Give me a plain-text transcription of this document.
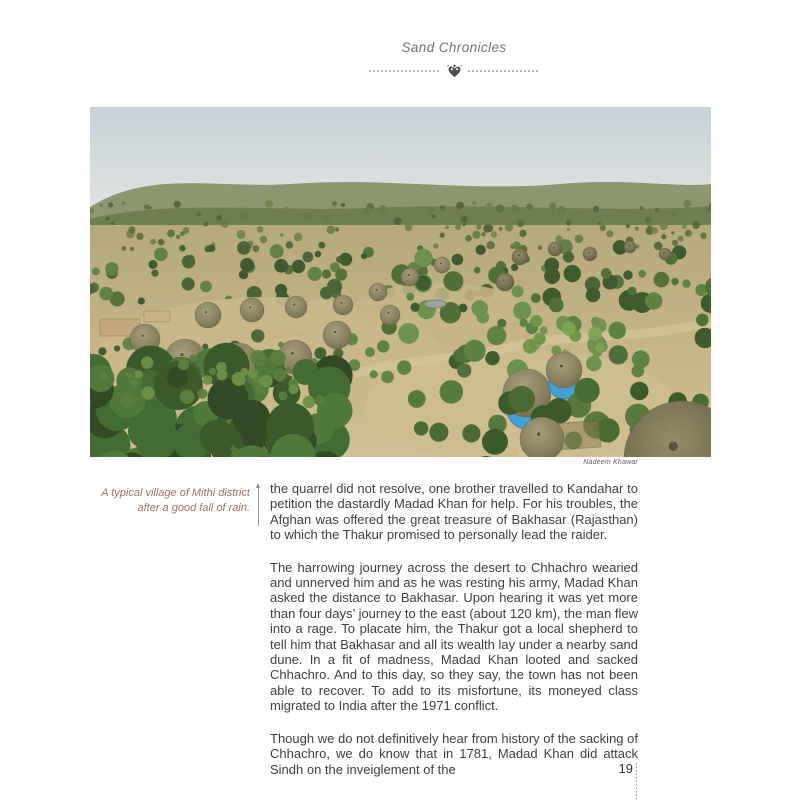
Sand Chronicles
Nadeem Khawar
A typical village of Mithi district after a good fall of rain.

the quarrel did not resolve, one brother travelled to Kandahar to petition the dastardly Madad Khan for help. For his troubles, the Afghan was offered the great treasure of Bakhasar (Rajasthan) to which the Thakur promised to personally lead the raider.

The harrowing journey across the desert to Chhachro wearied and unnerved him and as he was resting his army, Madad Khan asked the distance to Bakhasar. Upon hearing it was yet more than four days’ journey to the east (about 120 km), the man flew into a rage. To placate him, the Thakur got a local shepherd to tell him that Bakhasar and all its wealth lay under a nearby sand dune. In a fit of madness, Madad Khan looted and sacked Chhachro. And to this day, so they say, the town has not been able to recover. To add to its misfortune, its moneyed class migrated to India after the 1971 conflict.

Though we do not definitively hear from history of the sacking of Chhachro, we do know that in 1781, Madad Khan did attack Sindh on the inveiglement of the	19
